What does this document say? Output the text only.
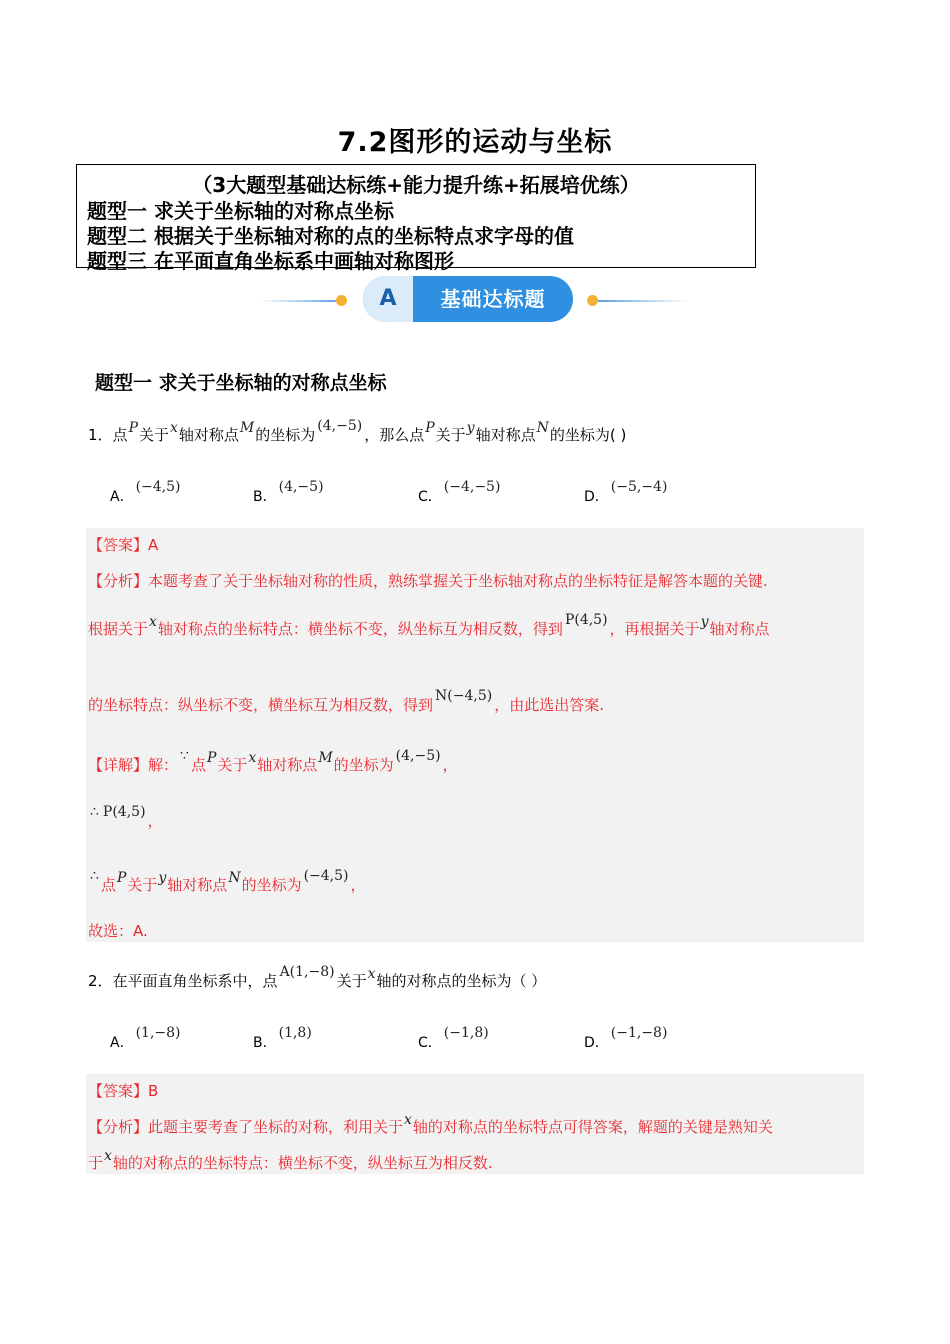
7.2图形的运动与坐标
（3大题型基础达标练+能力提升练+拓展培优练）
题型一 求关于坐标轴的对称点坐标
题型二 根据关于坐标轴对称的点的坐标特点求字母的值
题型三 在平面直角坐标系中画轴对称图形
A	基础达标题
题型一 求关于坐标轴的对称点坐标
1．点P关于x轴对称点M的坐标为 (4,−5) ，那么点P关于y轴对称点N的坐标为( )
A．(−4,5)
B．(4,−5)
C．(−4,−5)
D．(−5,−4)
【答案】A
【分析】本题考查了关于坐标轴对称的性质，熟练掌握关于坐标轴对称点的坐标特征是解答本题的关键.
根据关于x轴对称点的坐标特点：横坐标不变，纵坐标互为相反数，得到 P(4,5) ，再根据关于y轴对称点
的坐标特点：纵坐标不变，横坐标互为相反数，得到 N(−4,5) ，由此选出答案.
【详解】解： ∵ 点P关于x轴对称点M的坐标为 (4,−5) ，
∴ P(4,5) ，
∴ 点P关于y轴对称点N的坐标为 (−4,5) ，
故选：A.
2．在平面直角坐标系中，点 A(1,−8) 关于x轴的对称点的坐标为（ ）
A．(1,−8)
B．(1,8)
C．(−1,8)
D．(−1,−8)
【答案】B
【分析】此题主要考查了坐标的对称，利用关于x轴的对称点的坐标特点可得答案，解题的关键是熟知关
于x轴的对称点的坐标特点：横坐标不变，纵坐标互为相反数.
